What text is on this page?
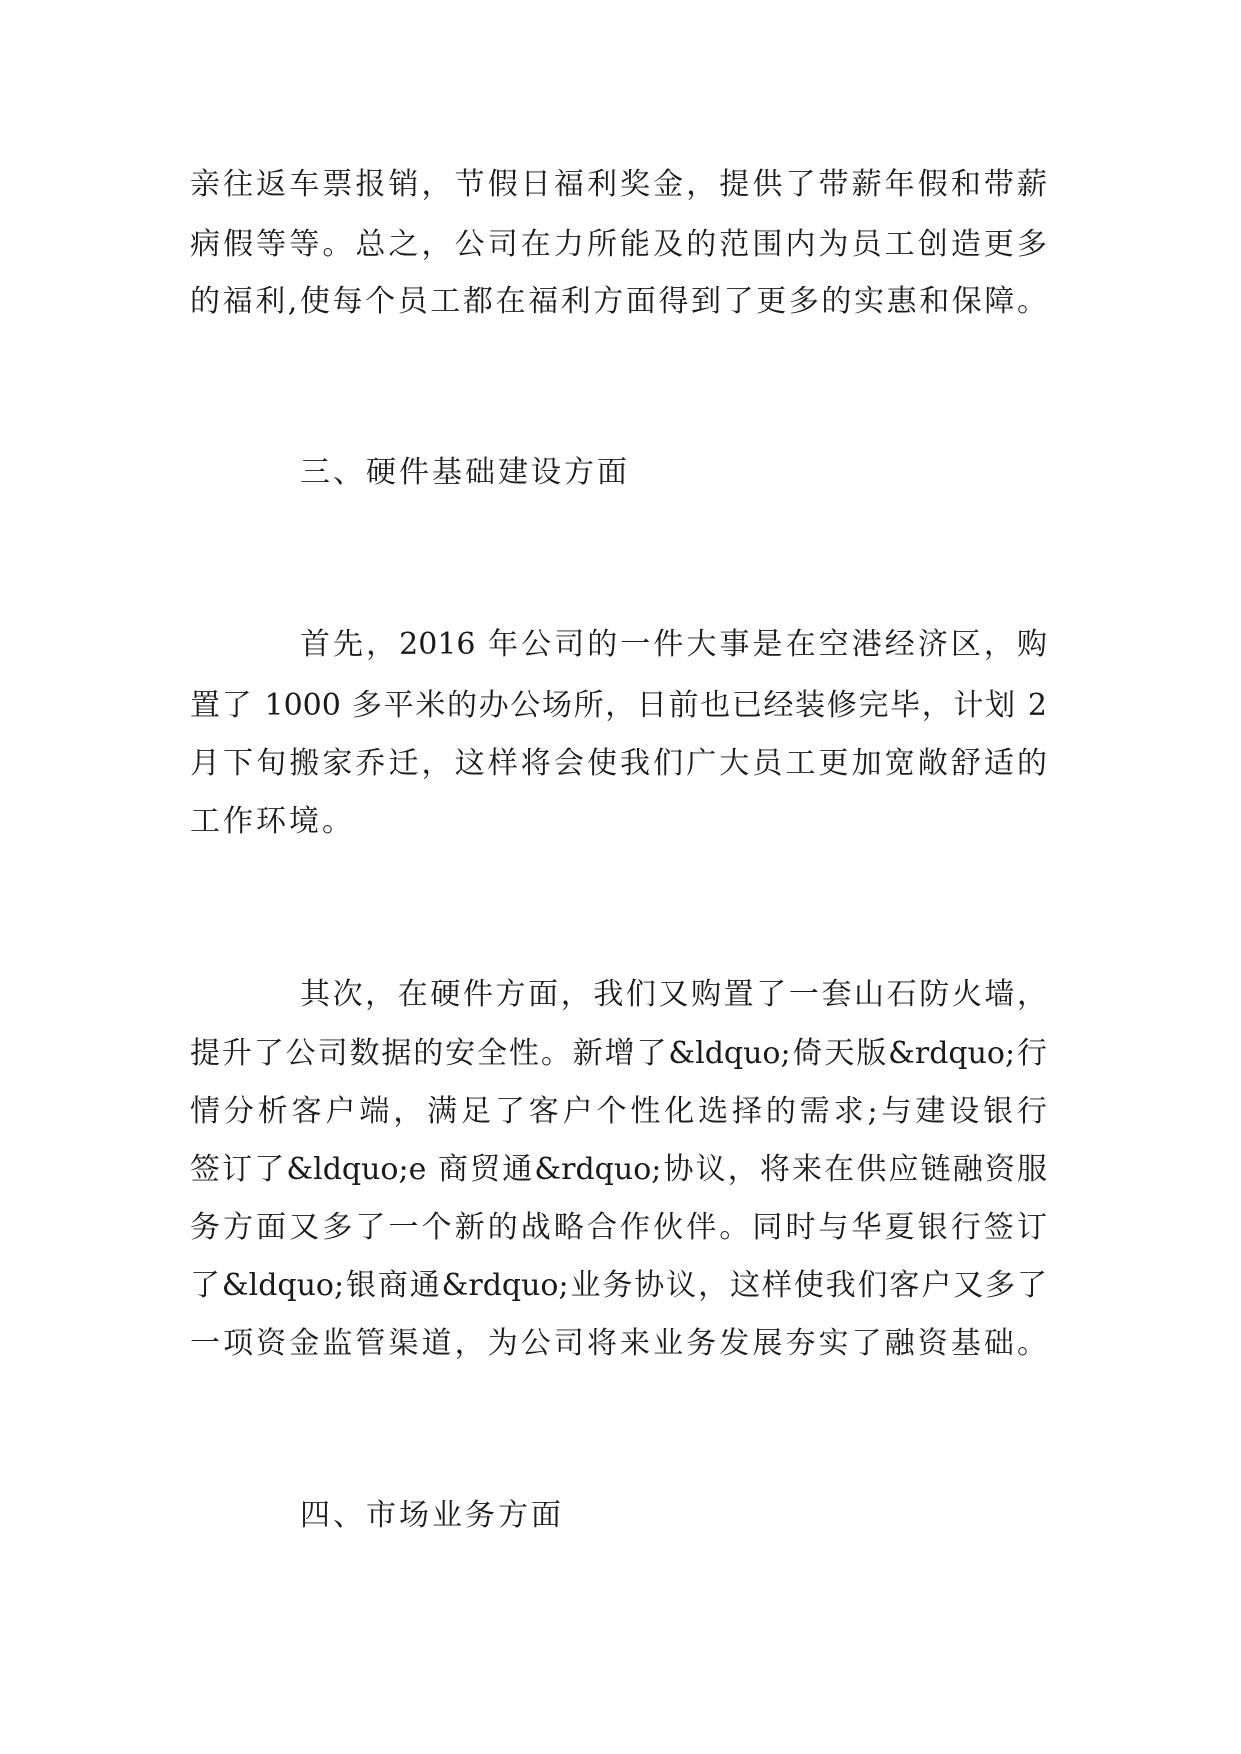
亲往返车票报销，节假日福利奖金，提供了带薪年假和带薪
病假等等。总之，公司在力所能及的范围内为员工创造更多
的福利,使每个员工都在福利方面得到了更多的实惠和保障。
三、硬件基础建设方面
首先，2016 年公司的一件大事是在空港经济区，购
置了 1000 多平米的办公场所，日前也已经装修完毕，计划 2
月下旬搬家乔迁，这样将会使我们广大员工更加宽敞舒适的
工作环境。
其次，在硬件方面，我们又购置了一套山石防火墙，
提升了公司数据的安全性。新增了&ldquo;倚天版&rdquo;行
情分析客户端，满足了客户个性化选择的需求;与建设银行
签订了&ldquo;e 商贸通&rdquo;协议，将来在供应链融资服
务方面又多了一个新的战略合作伙伴。同时与华夏银行签订
了&ldquo;银商通&rdquo;业务协议，这样使我们客户又多了
一项资金监管渠道，为公司将来业务发展夯实了融资基础。
四、市场业务方面
